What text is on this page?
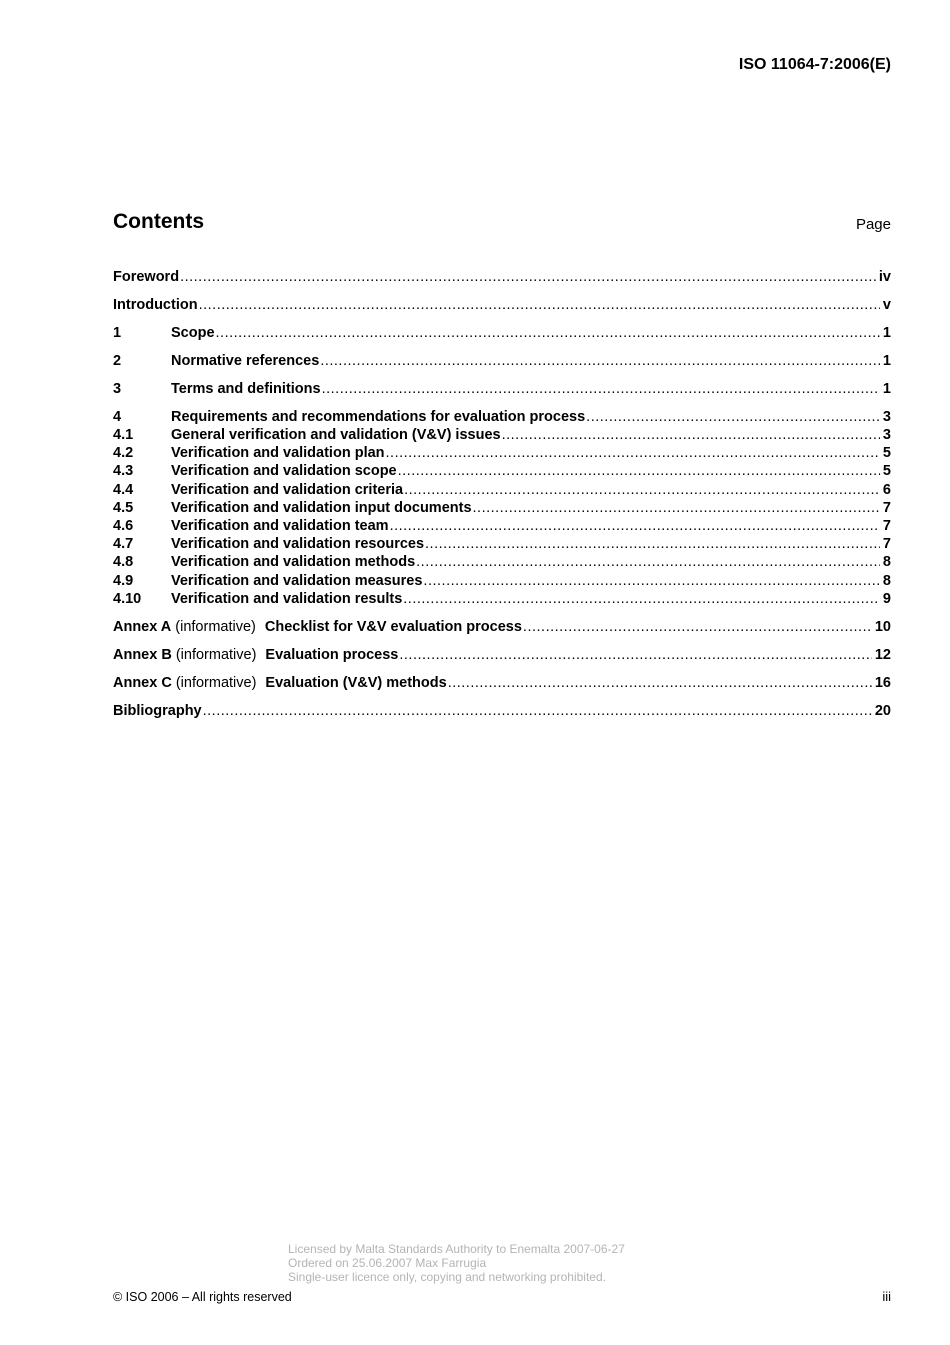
ISO 11064-7:2006(E)
Contents	Page
Foreword .....	iv
Introduction .....	v
1	Scope .....	1
2	Normative references .....	1
3	Terms and definitions .....	1
4	Requirements and recommendations for evaluation process .....	3
4.1	General verification and validation (V&V) issues .....	3
4.2	Verification and validation plan .....	5
4.3	Verification and validation scope .....	5
4.4	Verification and validation criteria .....	6
4.5	Verification and validation input documents .....	7
4.6	Verification and validation team .....	7
4.7	Verification and validation resources .....	7
4.8	Verification and validation methods .....	8
4.9	Verification and validation measures .....	8
4.10	Verification and validation results .....	9
Annex A (informative) Checklist for V&V evaluation process .....	10
Annex B (informative) Evaluation process .....	12
Annex C (informative) Evaluation (V&V) methods .....	16
Bibliography .....	20
Licensed by Malta Standards Authority to Enemalta 2007-06-27
Ordered on 25.06.2007 Max Farrugia
Single-user licence only, copying and networking prohibited.
© ISO 2006 – All rights reserved	iii
